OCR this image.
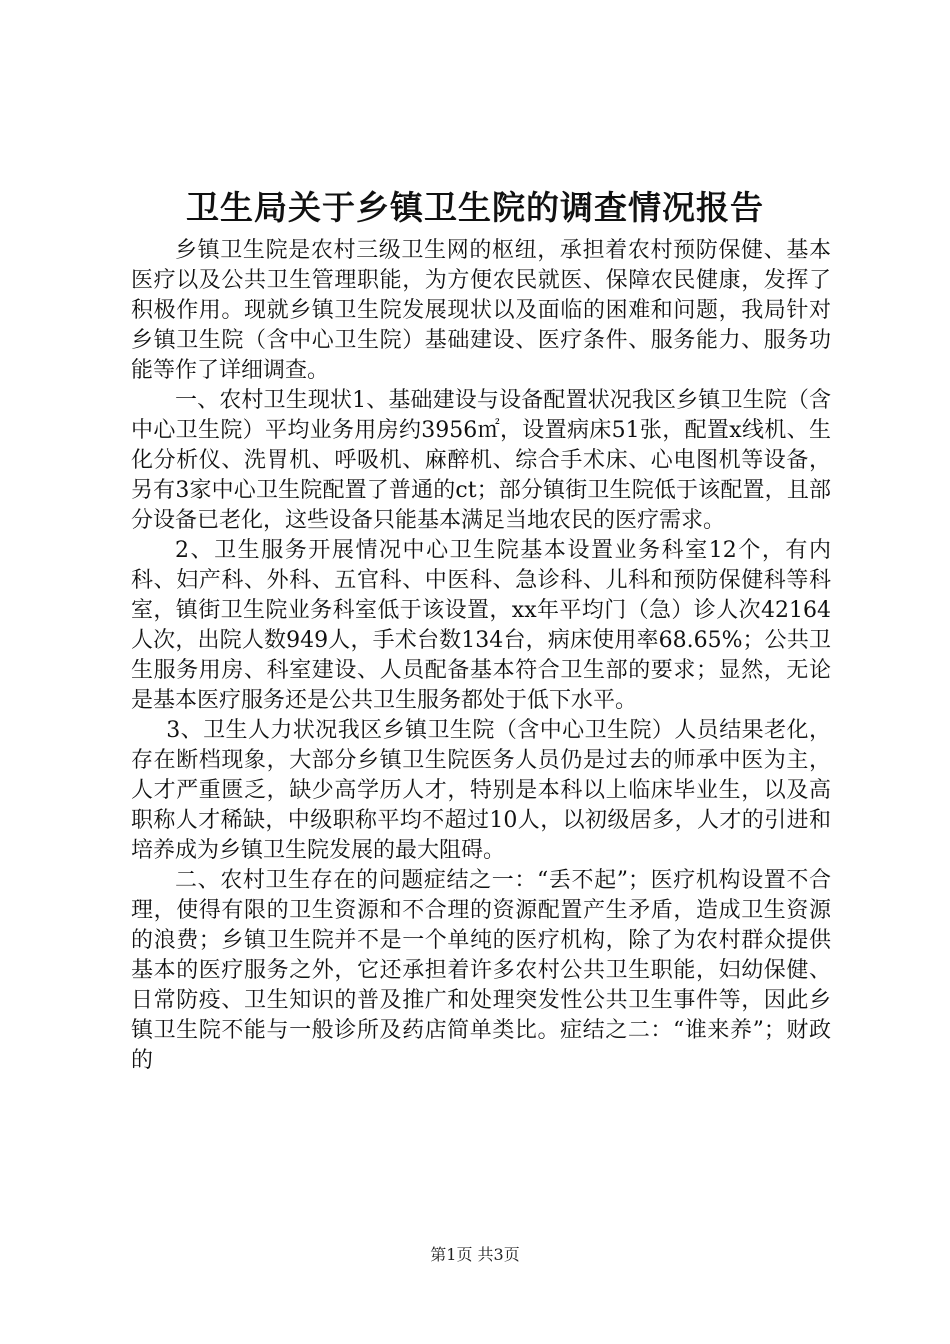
卫生局关于乡镇卫生院的调查情况报告

乡镇卫生院是农村三级卫生网的枢纽，承担着农村预防保健、基本医疗以及公共卫生管理职能，为方便农民就医、保障农民健康，发挥了积极作用。现就乡镇卫生院发展现状以及面临的困难和问题，我局针对乡镇卫生院（含中心卫生院）基础建设、医疗条件、服务能力、服务功能等作了详细调查。

一、农村卫生现状1、基础建设与设备配置状况我区乡镇卫生院（含中心卫生院）平均业务用房约3956㎡，设置病床51张，配置x线机、生化分析仪、洗胃机、呼吸机、麻醉机、综合手术床、心电图机等设备，另有3家中心卫生院配置了普通的ct；部分镇街卫生院低于该配置，且部分设备已老化，这些设备只能基本满足当地农民的医疗需求。

2、卫生服务开展情况中心卫生院基本设置业务科室12个，有内科、妇产科、外科、五官科、中医科、急诊科、儿科和预防保健科等科室，镇街卫生院业务科室低于该设置，xx年平均门（急）诊人次42164人次，出院人数949人，手术台数134台，病床使用率68.65%；公共卫生服务用房、科室建设、人员配备基本符合卫生部的要求；显然，无论是基本医疗服务还是公共卫生服务都处于低下水平。

3、卫生人力状况我区乡镇卫生院（含中心卫生院）人员结果老化，存在断档现象，大部分乡镇卫生院医务人员仍是过去的师承中医为主，人才严重匮乏，缺少高学历人才，特别是本科以上临床毕业生，以及高职称人才稀缺，中级职称平均不超过10人，以初级居多，人才的引进和培养成为乡镇卫生院发展的最大阻碍。

二、农村卫生存在的问题症结之一：“丢不起”；医疗机构设置不合理，使得有限的卫生资源和不合理的资源配置产生矛盾，造成卫生资源的浪费；乡镇卫生院并不是一个单纯的医疗机构，除了为农村群众提供基本的医疗服务之外，它还承担着许多农村公共卫生职能，妇幼保健、日常防疫、卫生知识的普及推广和处理突发性公共卫生事件等，因此乡镇卫生院不能与一般诊所及药店简单类比。症结之二：“谁来养”；财政的

第1页 共3页
